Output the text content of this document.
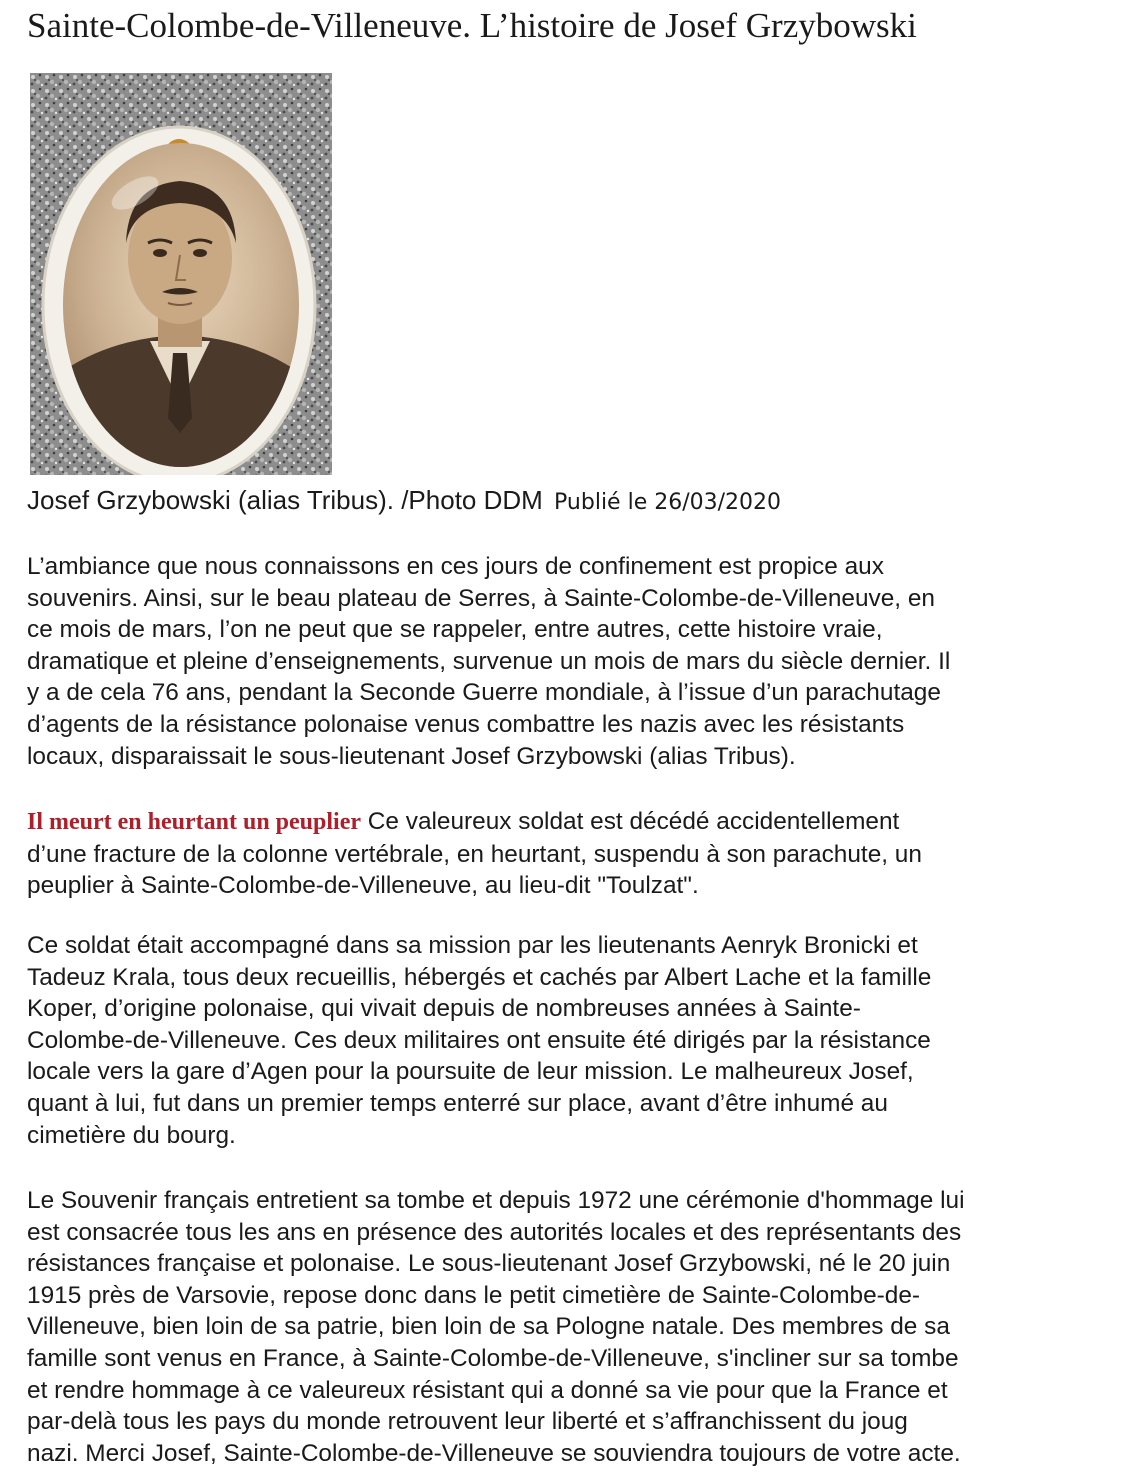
Sainte-Colombe-de-Villeneuve. L’histoire de Josef Grzybowski
Josef Grzybowski (alias Tribus). /Photo DDM Publié le 26/03/2020

L’ambiance que nous connaissons en ces jours de confinement est propice aux
souvenirs. Ainsi, sur le beau plateau de Serres, à Sainte-Colombe-de-Villeneuve, en
ce mois de mars, l’on ne peut que se rappeler, entre autres, cette histoire vraie,
dramatique et pleine d’enseignements, survenue un mois de mars du siècle dernier. Il
y a de cela 76 ans, pendant la Seconde Guerre mondiale, à l’issue d’un parachutage
d’agents de la résistance polonaise venus combattre les nazis avec les résistants
locaux, disparaissait le sous-lieutenant Josef Grzybowski (alias Tribus).

Il meurt en heurtant un peuplier Ce valeureux soldat est décédé accidentellement
d’une fracture de la colonne vertébrale, en heurtant, suspendu à son parachute, un
peuplier à Sainte-Colombe-de-Villeneuve, au lieu-dit "Toulzat".

Ce soldat était accompagné dans sa mission par les lieutenants Aenryk Bronicki et
Tadeuz Krala, tous deux recueillis, hébergés et cachés par Albert Lache et la famille
Koper, d’origine polonaise, qui vivait depuis de nombreuses années à Sainte-
Colombe-de-Villeneuve. Ces deux militaires ont ensuite été dirigés par la résistance
locale vers la gare d’Agen pour la poursuite de leur mission. Le malheureux Josef,
quant à lui, fut dans un premier temps enterré sur place, avant d’être inhumé au
cimetière du bourg.

Le Souvenir français entretient sa tombe et depuis 1972 une cérémonie d'hommage lui
est consacrée tous les ans en présence des autorités locales et des représentants des
résistances française et polonaise. Le sous-lieutenant Josef Grzybowski, né le 20 juin
1915 près de Varsovie, repose donc dans le petit cimetière de Sainte-Colombe-de-
Villeneuve, bien loin de sa patrie, bien loin de sa Pologne natale. Des membres de sa
famille sont venus en France, à Sainte-Colombe-de-Villeneuve, s'incliner sur sa tombe
et rendre hommage à ce valeureux résistant qui a donné sa vie pour que la France et
par-delà tous les pays du monde retrouvent leur liberté et s’affranchissent du joug
nazi. Merci Josef, Sainte-Colombe-de-Villeneuve se souviendra toujours de votre acte.
